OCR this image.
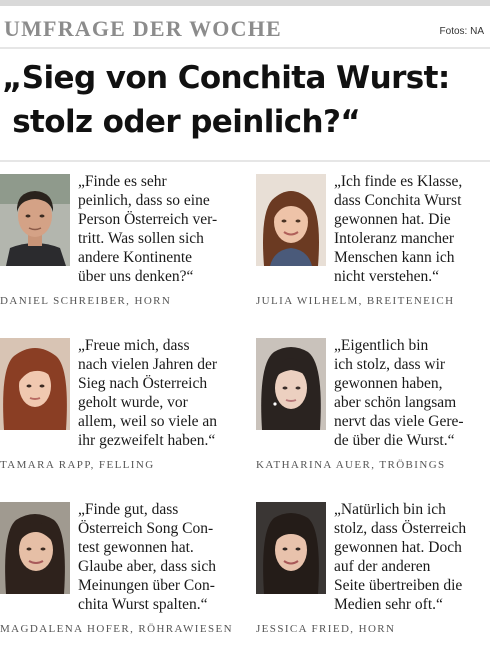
UMFRAGE DER WOCHE	Fotos: NA
„Sieg von Conchita Wurst:
stolz oder peinlich?“
„Finde es sehr
peinlich, dass so eine
Person Österreich ver-
tritt. Was sollen sich
andere Kontinente
über uns denken?“
DANIEL SCHREIBER, HORN
„Ich finde es Klasse,
dass Conchita Wurst
gewonnen hat. Die
Intoleranz mancher
Menschen kann ich
nicht verstehen.“
JULIA WILHELM, BREITENEICH
„Freue mich, dass
nach vielen Jahren der
Sieg nach Österreich
geholt wurde, vor
allem, weil so viele an
ihr gezweifelt haben.“
TAMARA RAPP, FELLING
„Eigentlich bin
ich stolz, dass wir
gewonnen haben,
aber schön langsam
nervt das viele Gere-
de über die Wurst.“
KATHARINA AUER, TRÖBINGS
„Finde gut, dass
Österreich Song Con-
test gewonnen hat.
Glaube aber, dass sich
Meinungen über Con-
chita Wurst spalten.“
MAGDALENA HOFER, RÖHRAWIESEN
„Natürlich bin ich
stolz, dass Österreich
gewonnen hat. Doch
auf der anderen
Seite übertreiben die
Medien sehr oft.“
JESSICA FRIED, HORN
